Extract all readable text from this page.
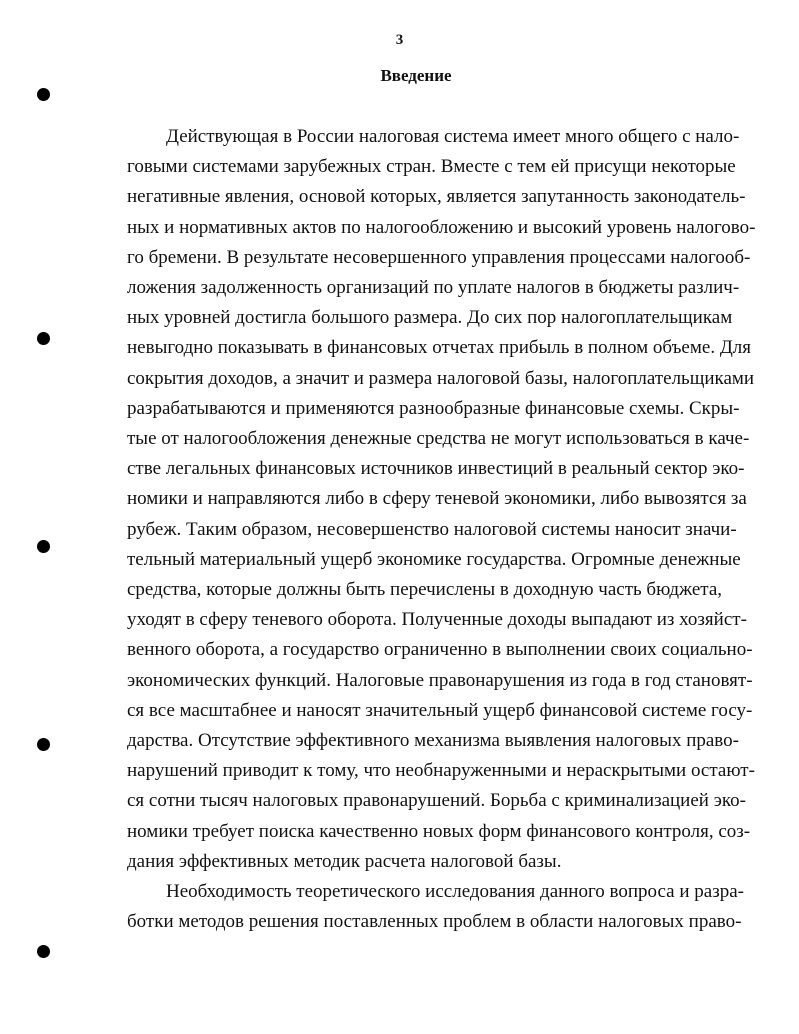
3
Введение
Действующая в России налоговая система имеет много общего с нало-
говыми системами зарубежных стран. Вместе с тем ей присущи некоторые
негативные явления, основой которых, является запутанность законодатель-
ных и нормативных актов по налогообложению и высокий уровень налогово-
го бремени. В результате несовершенного управления процессами налогооб-
ложения задолженность организаций по уплате налогов в бюджеты различ-
ных уровней достигла большого размера. До сих пор налогоплательщикам
невыгодно показывать в финансовых отчетах прибыль в полном объеме. Для
сокрытия доходов, а значит и размера налоговой базы, налогоплательщиками
разрабатываются и применяются разнообразные финансовые схемы. Скры-
тые от налогообложения денежные средства не могут использоваться в каче-
стве легальных финансовых источников инвестиций в реальный сектор эко-
номики и направляются либо в сферу теневой экономики, либо вывозятся за
рубеж. Таким образом, несовершенство налоговой системы наносит значи-
тельный материальный ущерб экономике государства. Огромные денежные
средства, которые должны быть перечислены в доходную часть бюджета,
уходят в сферу теневого оборота. Полученные доходы выпадают из хозяйст-
венного оборота, а государство ограниченно в выполнении своих социально-
экономических функций. Налоговые правонарушения из года в год становят-
ся все масштабнее и наносят значительный ущерб финансовой системе госу-
дарства. Отсутствие эффективного механизма выявления налоговых право-
нарушений приводит к тому, что необнаруженными и нераскрытыми остают-
ся сотни тысяч налоговых правонарушений. Борьба с криминализацией эко-
номики требует поиска качественно новых форм финансового контроля, соз-
дания эффективных методик расчета налоговой базы.
Необходимость теоретического исследования данного вопроса и разра-
ботки методов решения поставленных проблем в области налоговых право-
